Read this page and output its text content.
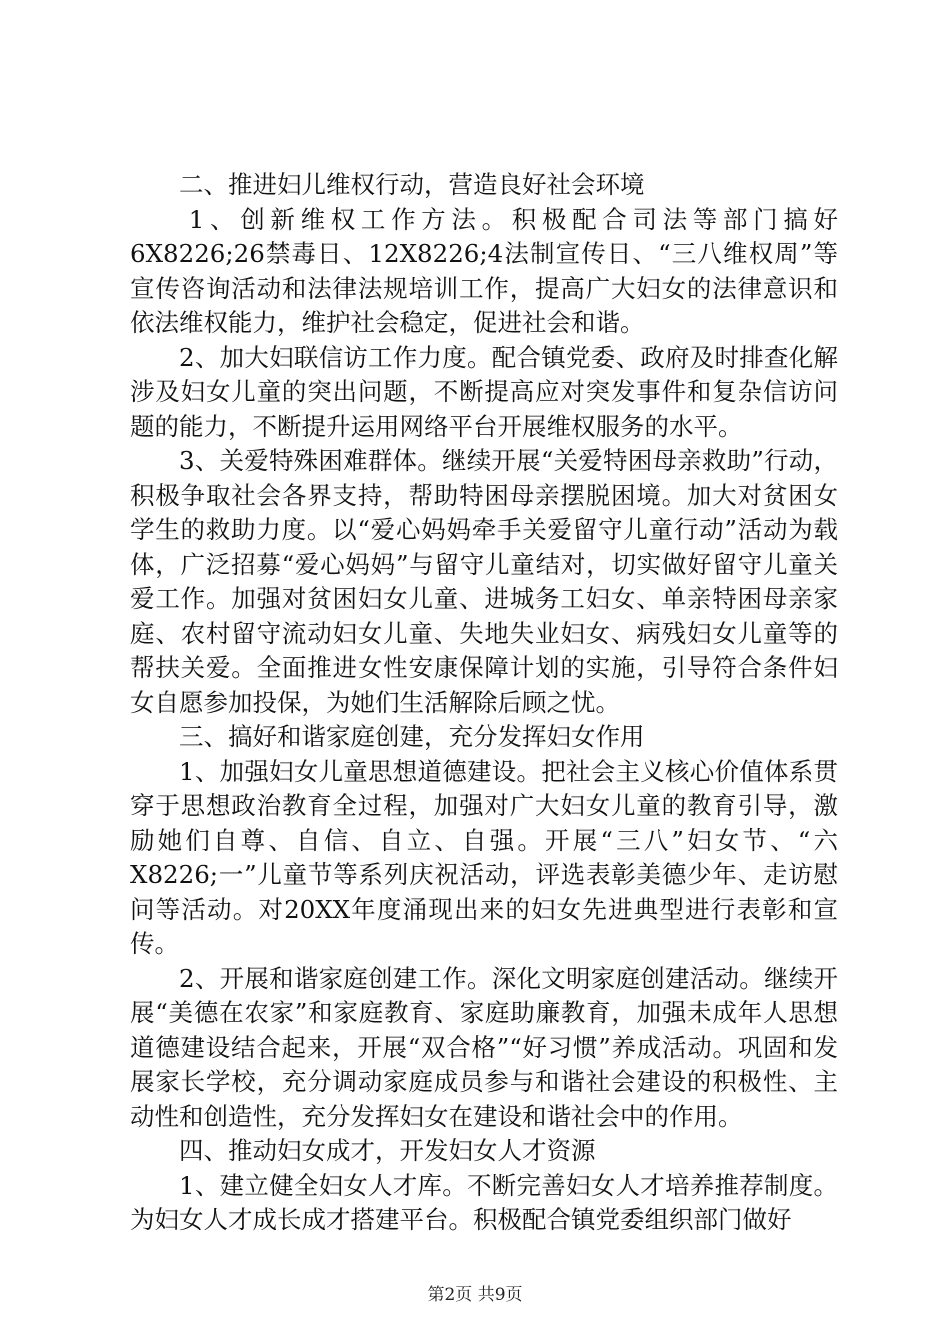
二、推进妇儿维权行动，营造良好社会环境

1、创新维权工作方法。积极配合司法等部门搞好6X8226;26禁毒日、12X8226;4法制宣传日、“三八维权周”等宣传咨询活动和法律法规培训工作，提高广大妇女的法律意识和依法维权能力，维护社会稳定，促进社会和谐。

2、加大妇联信访工作力度。配合镇党委、政府及时排查化解涉及妇女儿童的突出问题，不断提高应对突发事件和复杂信访问题的能力，不断提升运用网络平台开展维权服务的水平。

3、关爱特殊困难群体。继续开展“关爱特困母亲救助”行动，积极争取社会各界支持，帮助特困母亲摆脱困境。加大对贫困女学生的救助力度。以“爱心妈妈牵手关爱留守儿童行动”活动为载体，广泛招募“爱心妈妈”与留守儿童结对，切实做好留守儿童关爱工作。加强对贫困妇女儿童、进城务工妇女、单亲特困母亲家庭、农村留守流动妇女儿童、失地失业妇女、病残妇女儿童等的帮扶关爱。全面推进女性安康保障计划的实施，引导符合条件妇女自愿参加投保，为她们生活解除后顾之忧。

三、搞好和谐家庭创建，充分发挥妇女作用

1、加强妇女儿童思想道德建设。把社会主义核心价值体系贯穿于思想政治教育全过程，加强对广大妇女儿童的教育引导，激励她们自尊、自信、自立、自强。开展“三八”妇女节、“六X8226;一”儿童节等系列庆祝活动，评选表彰美德少年、走访慰问等活动。对20XX年度涌现出来的妇女先进典型进行表彰和宣传。

2、开展和谐家庭创建工作。深化文明家庭创建活动。继续开展“美德在农家”和家庭教育、家庭助廉教育，加强未成年人思想道德建设结合起来，开展“双合格”“好习惯”养成活动。巩固和发展家长学校，充分调动家庭成员参与和谐社会建设的积极性、主动性和创造性，充分发挥妇女在建设和谐社会中的作用。

四、推动妇女成才，开发妇女人才资源

1、建立健全妇女人才库。不断完善妇女人才培养推荐制度。为妇女人才成长成才搭建平台。积极配合镇党委组织部门做好

第2页 共9页
